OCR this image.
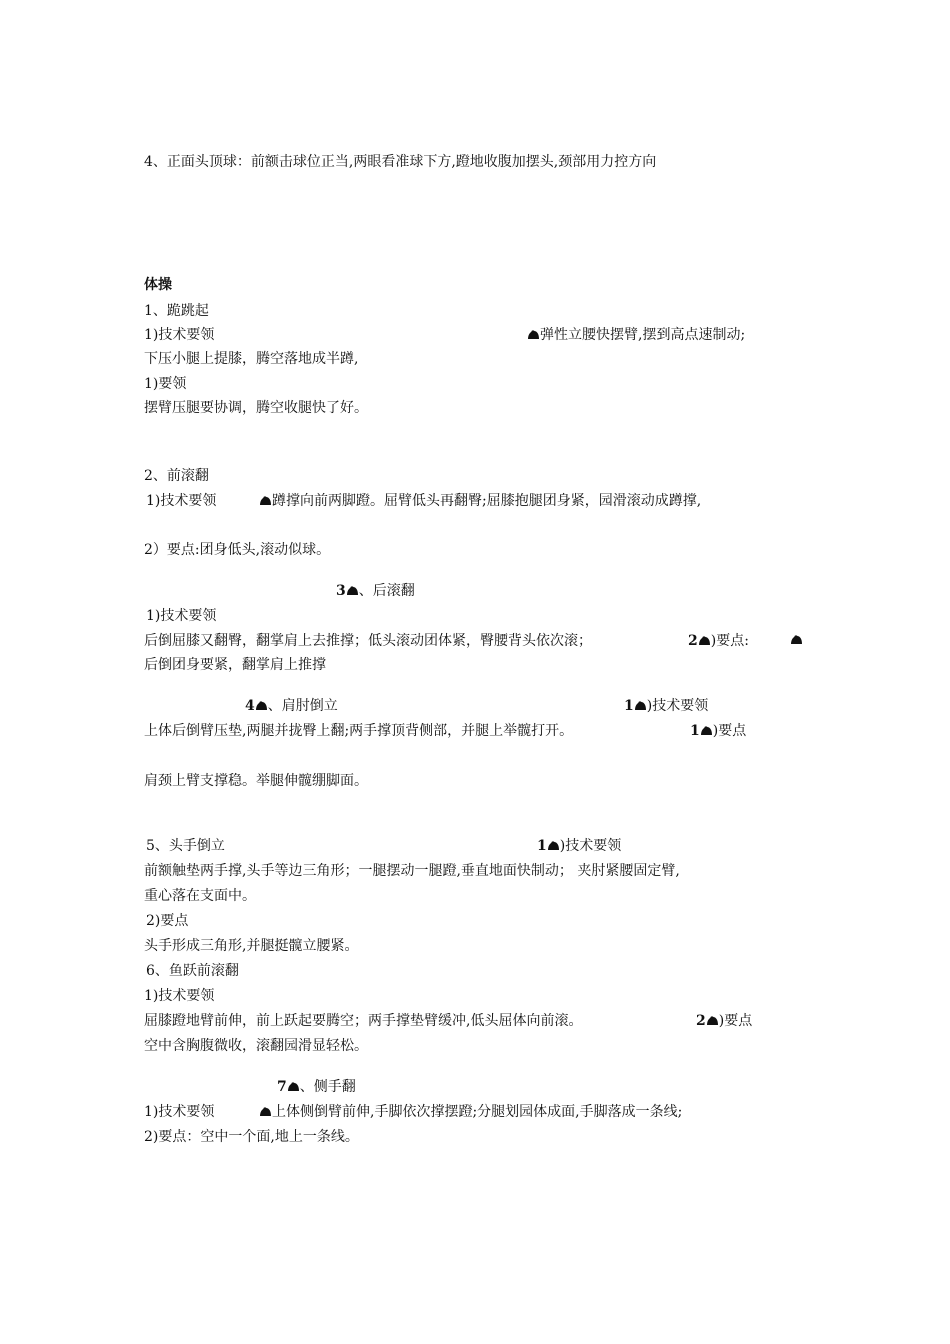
4、正面头顶球：前额击球位正当,两眼看准球下方,蹬地收腹加摆头,颈部用力控方向
体操
1、跪跳起
1)技术要领	弹性立腰快摆臂,摆到高点速制动;
下压小腿上提膝，腾空落地成半蹲,
1)要领
摆臂压腿要协调，腾空收腿快了好。
2、前滚翻
1)技术要领	蹲撑向前两脚蹬。屈臂低头再翻臀;屈膝抱腿团身紧，园滑滚动成蹲撑,
2）要点:团身低头,滚动似球。
3 、后滚翻
1)技术要领
后倒屈膝又翻臀，翻掌肩上去推撑；低头滚动团体紧，臀腰背头依次滚；	2 )要点:
后倒团身要紧，翻掌肩上推撑
4 、肩肘倒立	1 )技术要领
上体后倒臂压垫,两腿并拢臀上翻;两手撑顶背侧部，并腿上举髋打开。	1 )要点
肩颈上臂支撑稳。举腿伸髋绷脚面。
5、头手倒立	1 )技术要领
前额触垫两手撑,头手等边三角形；一腿摆动一腿蹬,垂直地面快制动； 夹肘紧腰固定臂,
重心落在支面中。
2)要点
头手形成三角形,并腿挺髋立腰紧。
6、鱼跃前滚翻
1)技术要领
屈膝蹬地臂前伸，前上跃起要腾空；两手撑垫臂缓冲,低头屈体向前滚。	2 )要点
空中含胸腹微收，滚翻园滑显轻松。
7 、侧手翻
1)技术要领	上体侧倒臂前伸,手脚依次撑摆蹬;分腿划园体成面,手脚落成一条线;
2)要点：空中一个面,地上一条线。
